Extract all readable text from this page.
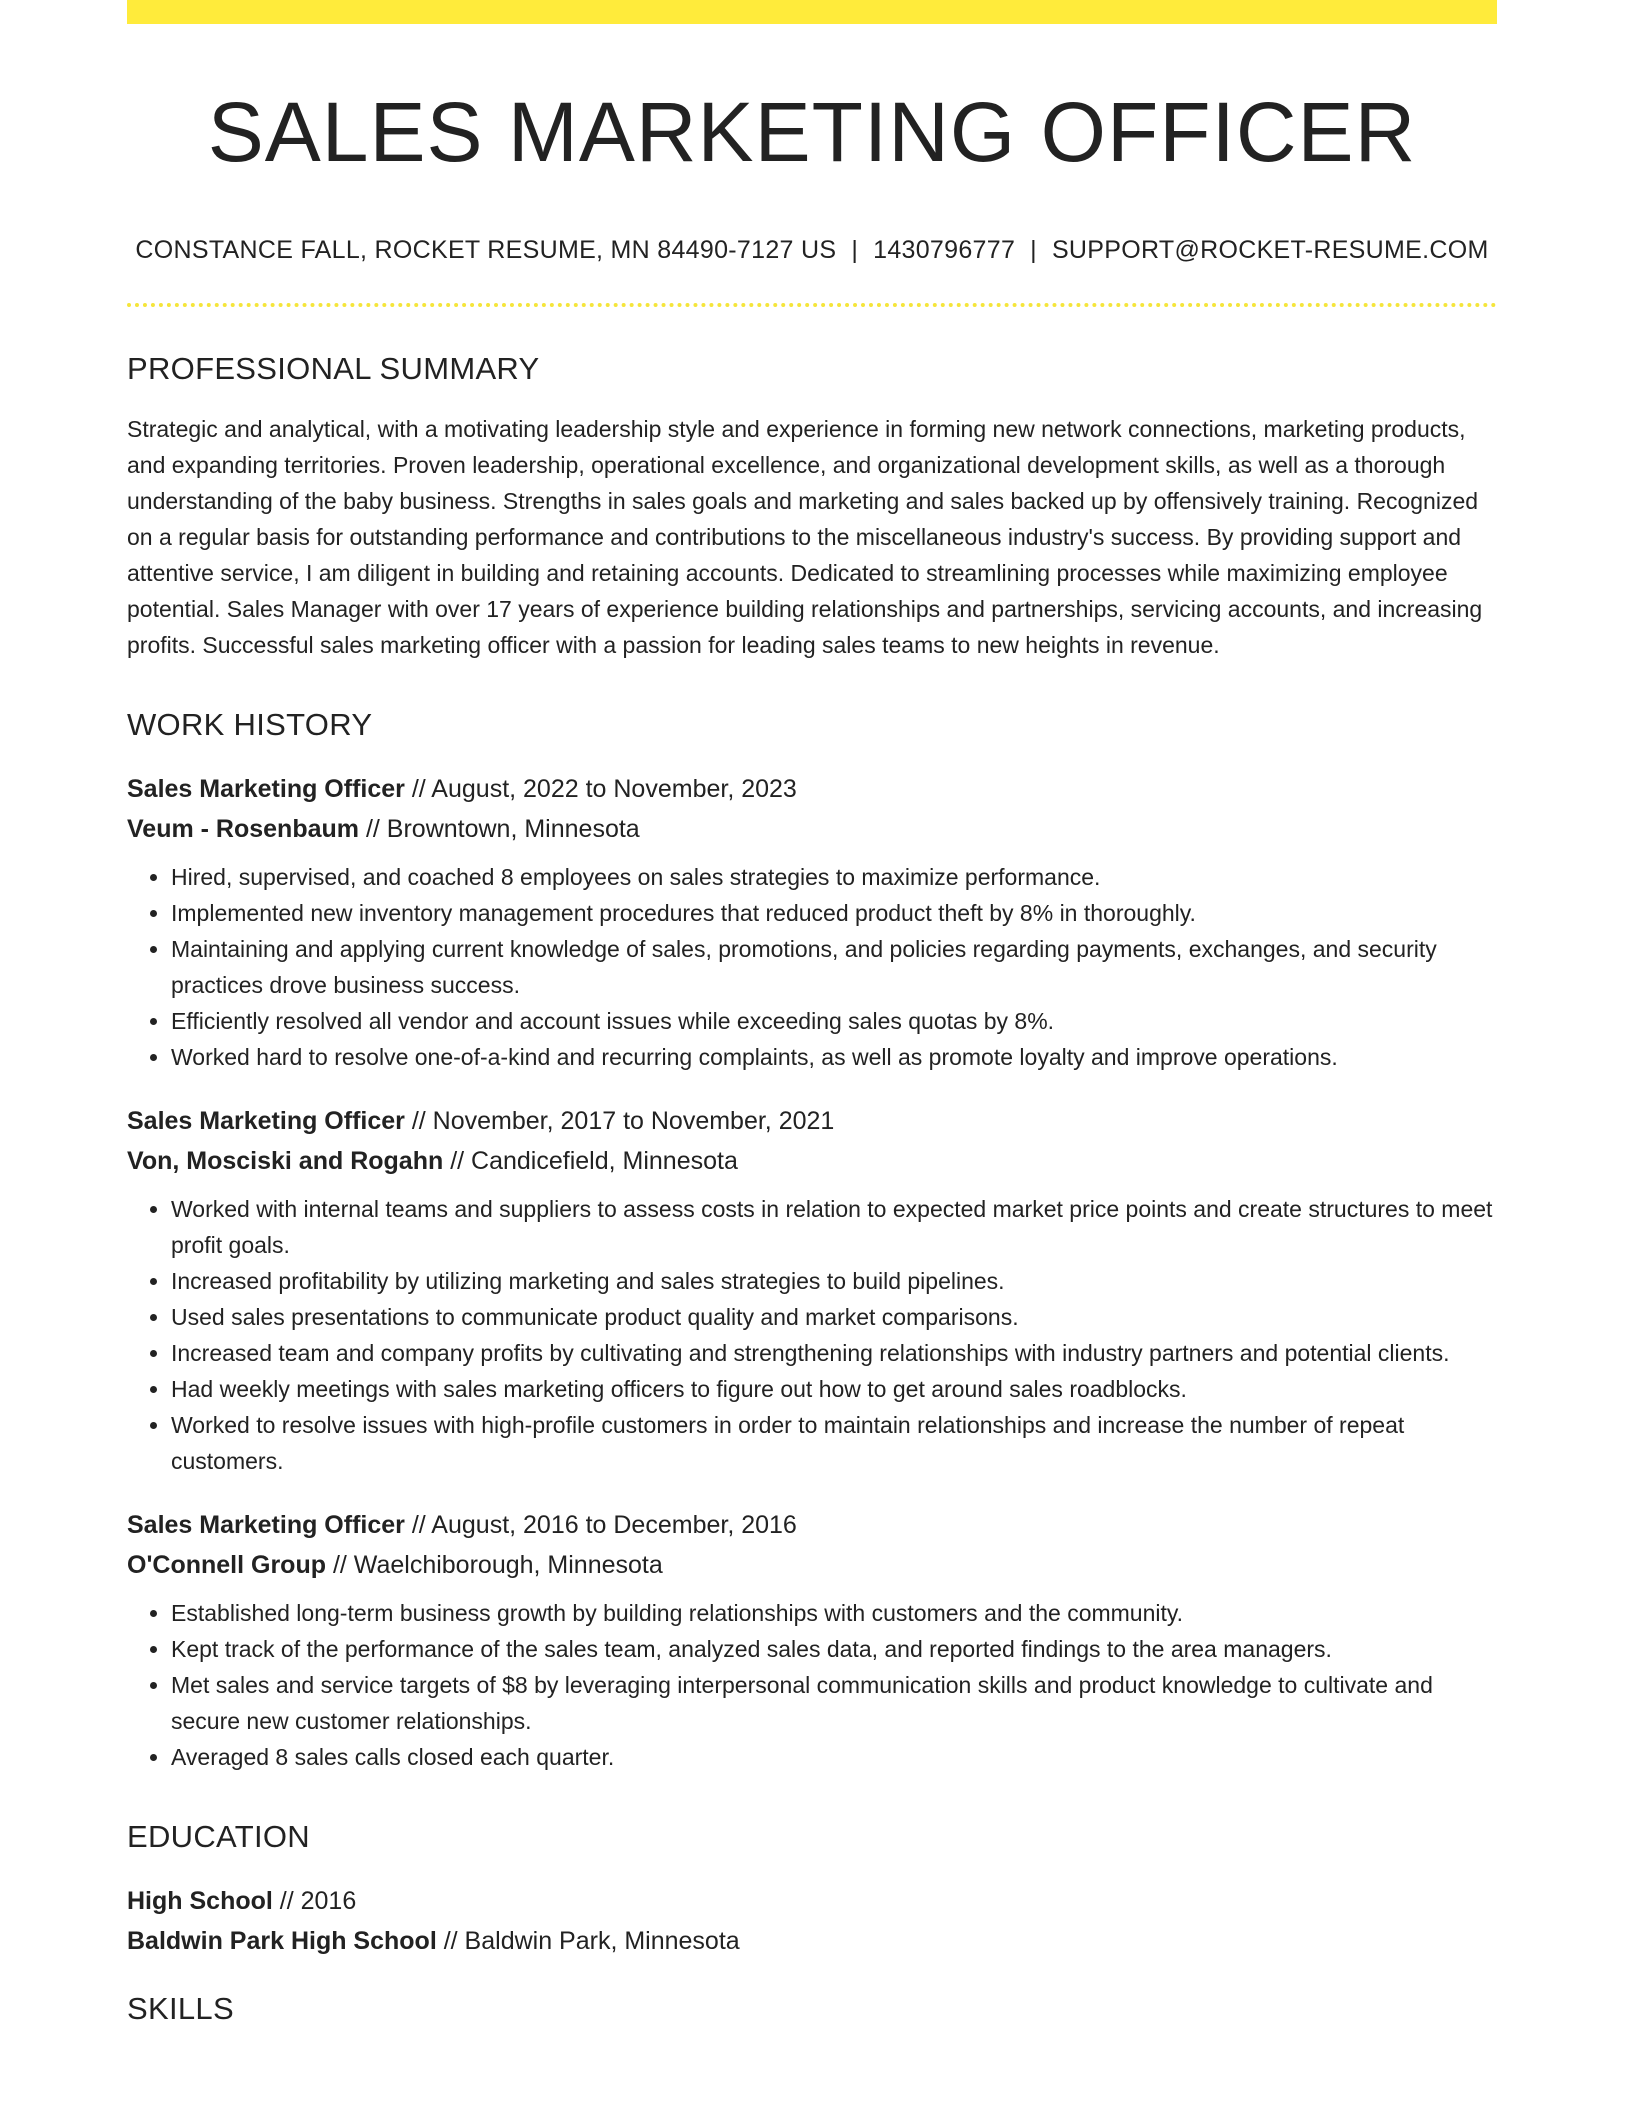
SALES MARKETING OFFICER
CONSTANCE FALL, ROCKET RESUME, MN 84490-7127 US | 1430796777 | SUPPORT@ROCKET-RESUME.COM
PROFESSIONAL SUMMARY
Strategic and analytical, with a motivating leadership style and experience in forming new network connections, marketing products, and expanding territories. Proven leadership, operational excellence, and organizational development skills, as well as a thorough understanding of the baby business. Strengths in sales goals and marketing and sales backed up by offensively training. Recognized on a regular basis for outstanding performance and contributions to the miscellaneous industry's success. By providing support and attentive service, I am diligent in building and retaining accounts. Dedicated to streamlining processes while maximizing employee potential. Sales Manager with over 17 years of experience building relationships and partnerships, servicing accounts, and increasing profits. Successful sales marketing officer with a passion for leading sales teams to new heights in revenue.
WORK HISTORY
Sales Marketing Officer // August, 2022 to November, 2023
Veum - Rosenbaum // Browntown, Minnesota
• Hired, supervised, and coached 8 employees on sales strategies to maximize performance.
• Implemented new inventory management procedures that reduced product theft by 8% in thoroughly.
• Maintaining and applying current knowledge of sales, promotions, and policies regarding payments, exchanges, and security practices drove business success.
• Efficiently resolved all vendor and account issues while exceeding sales quotas by 8%.
• Worked hard to resolve one-of-a-kind and recurring complaints, as well as promote loyalty and improve operations.
Sales Marketing Officer // November, 2017 to November, 2021
Von, Mosciski and Rogahn // Candicefield, Minnesota
• Worked with internal teams and suppliers to assess costs in relation to expected market price points and create structures to meet profit goals.
• Increased profitability by utilizing marketing and sales strategies to build pipelines.
• Used sales presentations to communicate product quality and market comparisons.
• Increased team and company profits by cultivating and strengthening relationships with industry partners and potential clients.
• Had weekly meetings with sales marketing officers to figure out how to get around sales roadblocks.
• Worked to resolve issues with high-profile customers in order to maintain relationships and increase the number of repeat customers.
Sales Marketing Officer // August, 2016 to December, 2016
O'Connell Group // Waelchiborough, Minnesota
• Established long-term business growth by building relationships with customers and the community.
• Kept track of the performance of the sales team, analyzed sales data, and reported findings to the area managers.
• Met sales and service targets of $8 by leveraging interpersonal communication skills and product knowledge to cultivate and secure new customer relationships.
• Averaged 8 sales calls closed each quarter.
EDUCATION
High School // 2016
Baldwin Park High School // Baldwin Park, Minnesota
SKILLS
